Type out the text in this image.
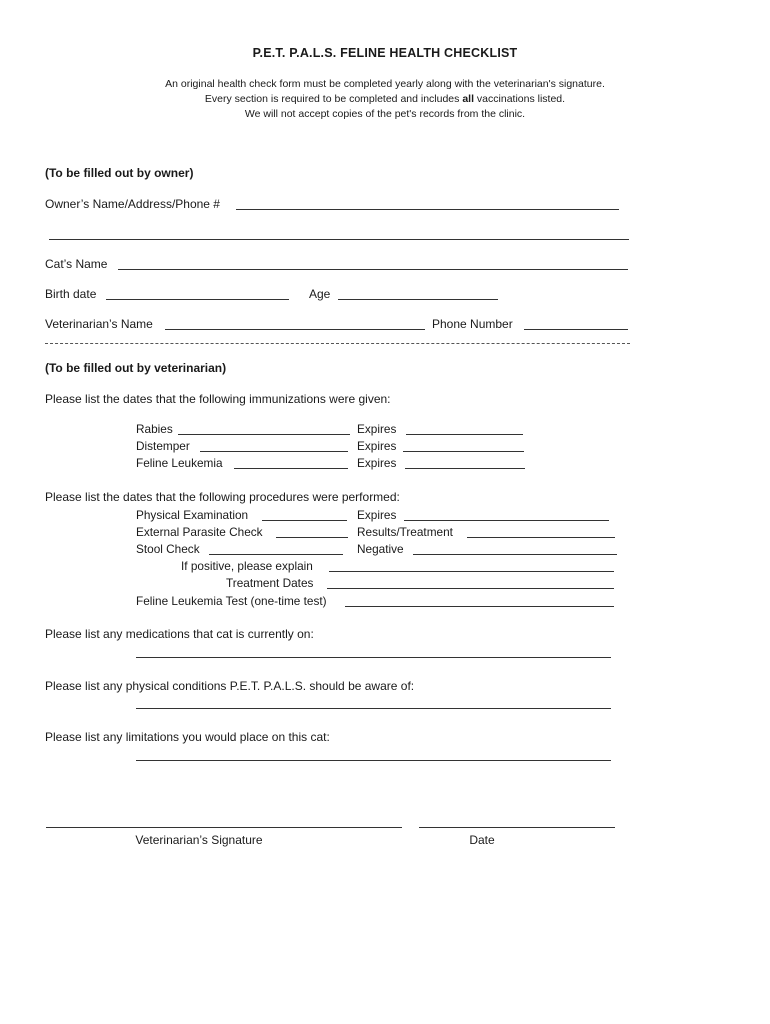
P.E.T. P.A.L.S. FELINE HEALTH CHECKLIST
An original health check form must be completed yearly along with the veterinarian's signature.
Every section is required to be completed and includes all vaccinations listed.
We will not accept copies of the pet's records from the clinic.
(To be filled out by owner)
Owner’s Name/Address/Phone #
Cat’s Name
Birth date	Age
Veterinarian’s Name	Phone Number
(To be filled out by veterinarian)
Please list the dates that the following immunizations were given:
Rabies	Expires
Distemper	Expires
Feline Leukemia	Expires
Please list the dates that the following procedures were performed:
Physical Examination	Expires
External Parasite Check	Results/Treatment
Stool Check	Negative
If positive, please explain
Treatment Dates
Feline Leukemia Test (one-time test)
Please list any medications that cat is currently on:
Please list any physical conditions P.E.T. P.A.L.S. should be aware of:
Please list any limitations you would place on this cat:
Veterinarian’s Signature	Date
